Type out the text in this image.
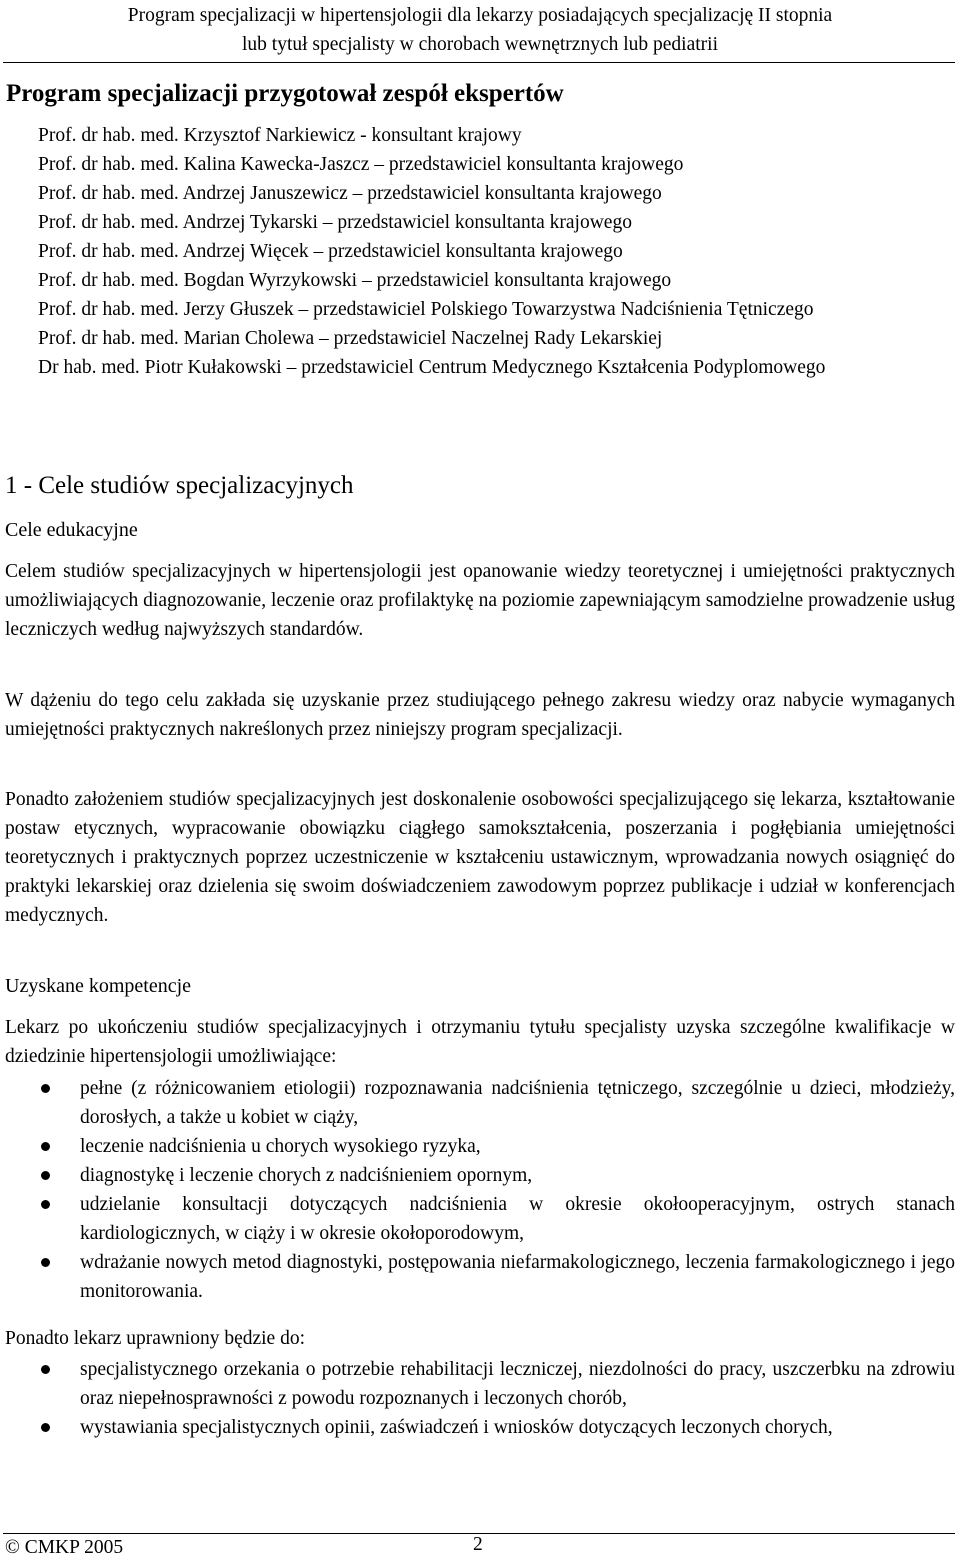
Program specjalizacji w hipertensjologii dla lekarzy posiadających specjalizację II stopnia
lub tytuł specjalisty w chorobach wewnętrznych lub pediatrii
Program specjalizacji przygotował zespół ekspertów
Prof. dr hab. med. Krzysztof Narkiewicz - konsultant krajowy
Prof. dr hab. med. Kalina Kawecka-Jaszcz – przedstawiciel konsultanta krajowego
Prof. dr hab. med. Andrzej Januszewicz – przedstawiciel konsultanta krajowego
Prof. dr hab. med. Andrzej Tykarski – przedstawiciel konsultanta krajowego
Prof. dr hab. med. Andrzej Więcek – przedstawiciel konsultanta krajowego
Prof. dr hab. med. Bogdan Wyrzykowski – przedstawiciel konsultanta krajowego
Prof. dr hab. med. Jerzy Głuszek – przedstawiciel Polskiego Towarzystwa Nadciśnienia Tętniczego
Prof. dr hab. med. Marian Cholewa – przedstawiciel Naczelnej Rady Lekarskiej
Dr hab. med. Piotr Kułakowski – przedstawiciel Centrum Medycznego Kształcenia Podyplomowego
1 - Cele studiów specjalizacyjnych
Cele edukacyjne

Celem studiów specjalizacyjnych w hipertensjologii jest opanowanie wiedzy teoretycznej i umiejętności praktycznych umożliwiających diagnozowanie, leczenie oraz profilaktykę na poziomie zapewniającym samodzielne prowadzenie usług leczniczych według najwyższych standardów.

W dążeniu do tego celu zakłada się uzyskanie przez studiującego pełnego zakresu wiedzy oraz nabycie wymaganych umiejętności praktycznych nakreślonych przez niniejszy program specjalizacji.

Ponadto założeniem studiów specjalizacyjnych jest doskonalenie osobowości specjalizującego się lekarza, kształtowanie postaw etycznych, wypracowanie obowiązku ciągłego samokształcenia, poszerzania i pogłębiania umiejętności teoretycznych i praktycznych poprzez uczestniczenie w kształceniu ustawicznym, wprowadzania nowych osiągnięć do praktyki lekarskiej oraz dzielenia się swoim doświadczeniem zawodowym poprzez publikacje i udział w konferencjach medycznych.

Uzyskane kompetencje

Lekarz po ukończeniu studiów specjalizacyjnych i otrzymaniu tytułu specjalisty uzyska szczególne kwalifikacje w dziedzinie hipertensjologii umożliwiające:

pełne (z różnicowaniem etiologii) rozpoznawania nadciśnienia tętniczego, szczególnie u dzieci, młodzieży, dorosłych, a także u kobiet w ciąży,
leczenie nadciśnienia u chorych wysokiego ryzyka,
diagnostykę i leczenie chorych z nadciśnieniem opornym,
udzielanie konsultacji dotyczących nadciśnienia w okresie okołooperacyjnym, ostrych stanach kardiologicznych, w ciąży i w okresie okołoporodowym,
wdrażanie nowych metod diagnostyki, postępowania niefarmakologicznego, leczenia farmakologicznego i jego monitorowania.

Ponadto lekarz uprawniony będzie do:

specjalistycznego orzekania o potrzebie rehabilitacji leczniczej, niezdolności do pracy, uszczerbku na zdrowiu oraz niepełnosprawności z powodu rozpoznanych i leczonych chorób,
wystawiania specjalistycznych opinii, zaświadczeń i wniosków dotyczących leczonych chorych,
© CMKP 2005	2
